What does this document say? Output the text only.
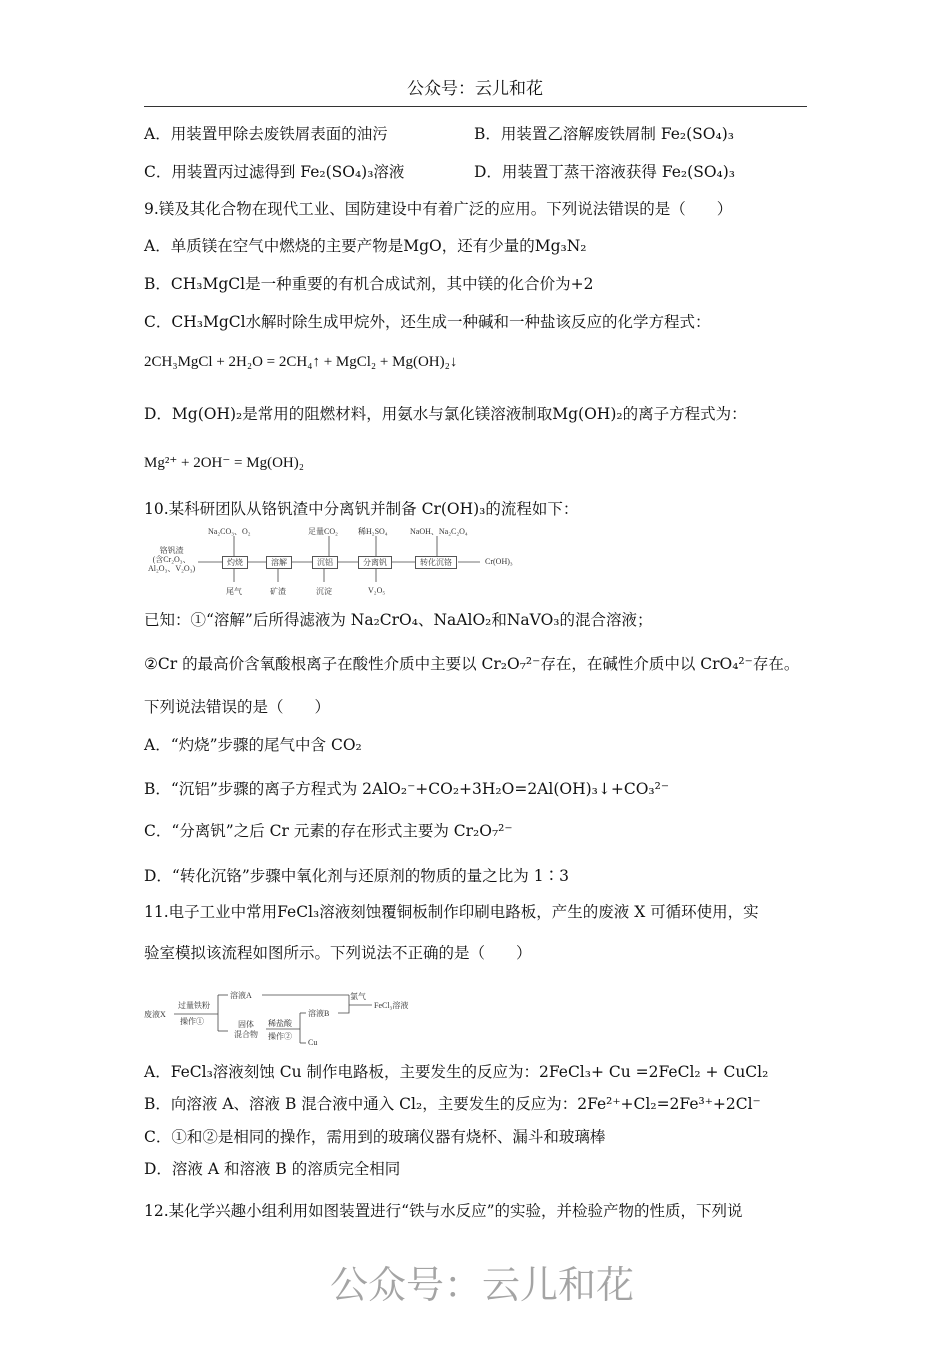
公众号：云儿和花
A．用装置甲除去废铁屑表面的油污	B．用装置乙溶解废铁屑制 Fe₂(SO₄)₃
C．用装置丙过滤得到 Fe₂(SO₄)₃溶液	D．用装置丁蒸干溶液获得 Fe₂(SO₄)₃
9.镁及其化合物在现代工业、国防建设中有着广泛的应用。下列说法错误的是（　　）
A．单质镁在空气中燃烧的主要产物是MgO，还有少量的Mg₃N₂
B．CH₃MgCl是一种重要的有机合成试剂，其中镁的化合价为+2
C．CH₃MgCl水解时除生成甲烷外，还生成一种碱和一种盐该反应的化学方程式：
2CH₃MgCl + 2H₂O = 2CH₄↑ + MgCl₂ + Mg(OH)₂↓
D．Mg(OH)₂是常用的阻燃材料，用氨水与氯化镁溶液制取Mg(OH)₂的离子方程式为：
Mg²⁺ + 2OH⁻ = Mg(OH)₂
10.某科研团队从铬钒渣中分离钒并制备 Cr(OH)₃的流程如下：
铬钒渣
(含Cr₂O₃、
Al₂O₃、V₂O₃)
灼烧	溶解	沉铝	分离钒	转化沉铬	Cr(OH)₃
Na₂CO₃、O₂	足量CO₂	稀H₂SO₄	NaOH、Na₂C₂O₄
尾气	矿渣	沉淀	V₂O₅
已知：①“溶解”后所得滤液为 Na₂CrO₄、NaAlO₂和NaVO₃的混合溶液；
②Cr 的最高价含氧酸根离子在酸性介质中主要以 Cr₂O₇²⁻存在，在碱性介质中以 CrO₄²⁻存在。
下列说法错误的是（　　）
A．“灼烧”步骤的尾气中含 CO₂
B．“沉铝”步骤的离子方程式为 2AlO₂⁻+CO₂+3H₂O=2Al(OH)₃↓+CO₃²⁻
C．“分离钒”之后 Cr 元素的存在形式主要为 Cr₂O₇²⁻
D．“转化沉铬”步骤中氧化剂与还原剂的物质的量之比为 1∶3
11.电子工业中常用FeCl₃溶液刻蚀覆铜板制作印刷电路板，产生的废液 X 可循环使用，实
验室模拟该流程如图所示。下列说法不正确的是（　　）
废液X
过量铁粉
操作①
溶液A
固体
混合物
稀盐酸
操作②
溶液B
Cu
氯气
FeCl₃溶液
A．FeCl₃溶液刻蚀 Cu 制作电路板，主要发生的反应为：2FeCl₃+ Cu =2FeCl₂ + CuCl₂
B．向溶液 A、溶液 B 混合液中通入 Cl₂，主要发生的反应为：2Fe²⁺+Cl₂=2Fe³⁺+2Cl⁻
C．①和②是相同的操作，需用到的玻璃仪器有烧杯、漏斗和玻璃棒
D．溶液 A 和溶液 B 的溶质完全相同
12.某化学兴趣小组利用如图装置进行“铁与水反应”的实验，并检验产物的性质，下列说
公众号：云儿和花
